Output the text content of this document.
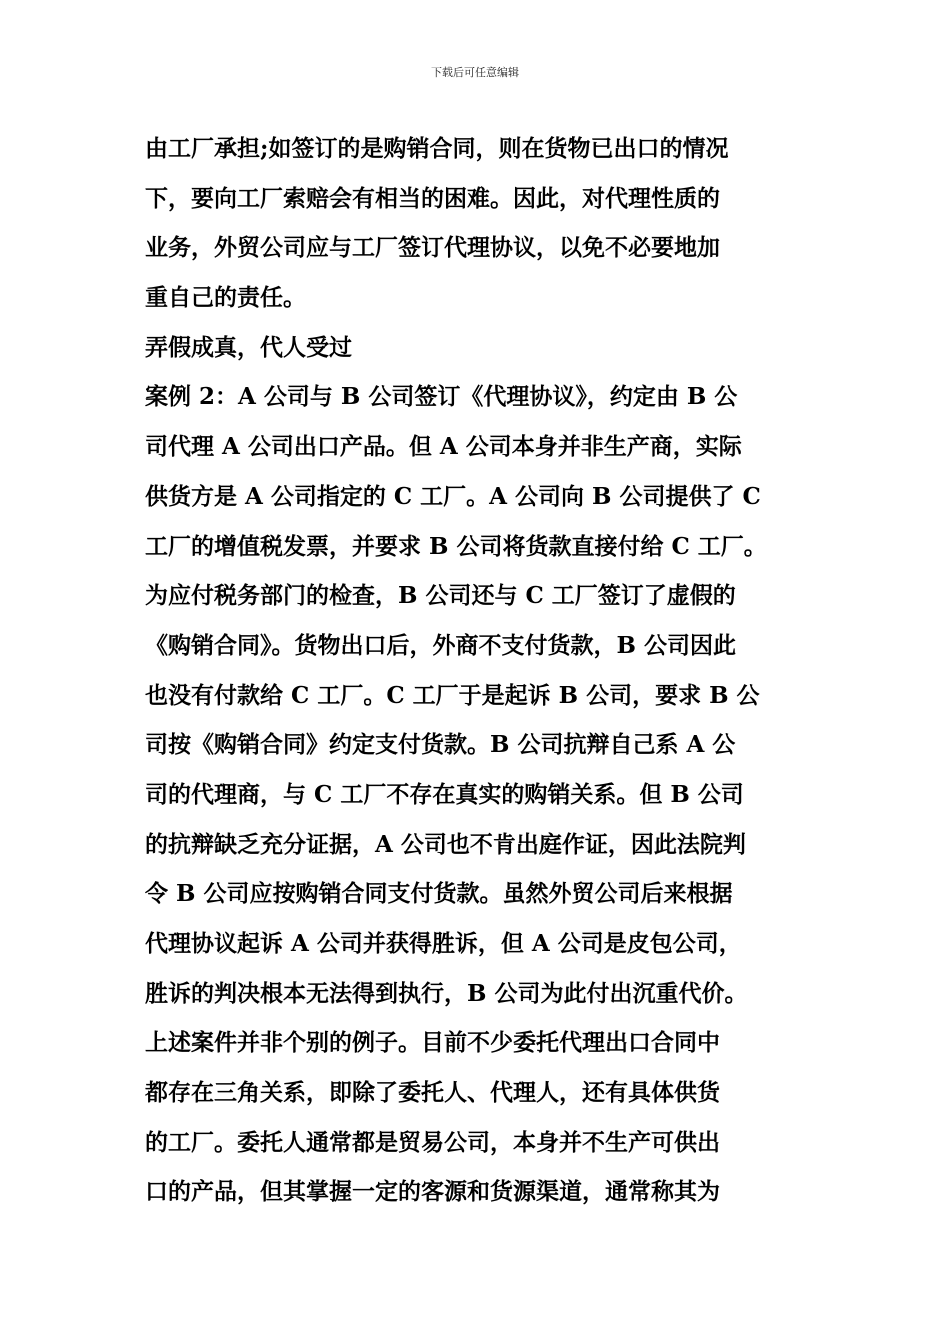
下载后可任意编辑
由工厂承担;如签订的是购销合同，则在货物已出口的情况
下，要向工厂索赔会有相当的困难。因此，对代理性质的
业务，外贸公司应与工厂签订代理协议，以免不必要地加
重自己的责任。
弄假成真，代人受过
案例 2：A 公司与 B 公司签订《代理协议》，约定由 B 公
司代理 A 公司出口产品。但 A 公司本身并非生产商，实际
供货方是 A 公司指定的 C 工厂。A 公司向 B 公司提供了 C
工厂的增值税发票，并要求 B 公司将货款直接付给 C 工厂。
为应付税务部门的检查，B 公司还与 C 工厂签订了虚假的
《购销合同》。货物出口后，外商不支付货款，B 公司因此
也没有付款给 C 工厂。C 工厂于是起诉 B 公司，要求 B 公
司按《购销合同》约定支付货款。B 公司抗辩自己系 A 公
司的代理商，与 C 工厂不存在真实的购销关系。但 B 公司
的抗辩缺乏充分证据，A 公司也不肯出庭作证，因此法院判
令 B 公司应按购销合同支付货款。虽然外贸公司后来根据
代理协议起诉 A 公司并获得胜诉，但 A 公司是皮包公司，
胜诉的判决根本无法得到执行，B 公司为此付出沉重代价。
上述案件并非个别的例子。目前不少委托代理出口合同中
都存在三角关系，即除了委托人、代理人，还有具体供货
的工厂。委托人通常都是贸易公司，本身并不生产可供出
口的产品，但其掌握一定的客源和货源渠道，通常称其为
